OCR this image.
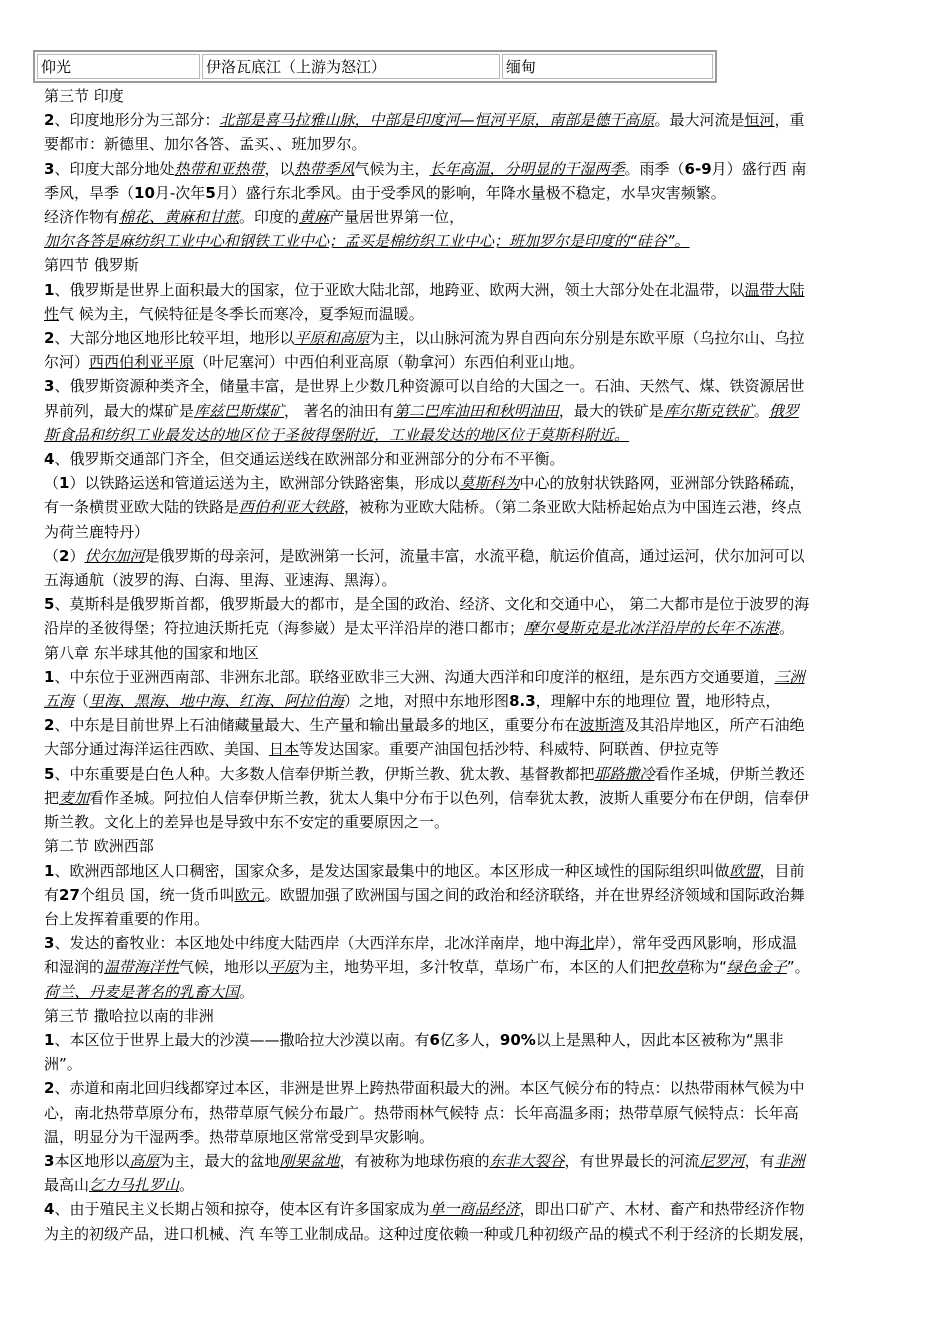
仰光	伊洛瓦底江（上游为怒江）	缅甸

第三节 印度

2、印度地形分为三部分：北部是喜马拉雅山脉，中部是印度河—恒河平原，南部是德干高原。最大河流是恒河，重

要都市：新德里、加尔各答、孟买、、班加罗尔。

3、印度大部分地处热带和亚热带，以热带季风气候为主，长年高温，分明显的干湿两季。雨季（6-9月）盛行西 南

季风，旱季（10月-次年5月）盛行东北季风。由于受季风的影响，年降水量极不稳定，水旱灾害频繁。

经济作物有棉花、黄麻和甘蔗。印度的黄麻产量居世界第一位，

加尔各答是麻纺织工业中心和钢铁工业中心；孟买是棉纺织工业中心；班加罗尔是印度的“硅谷”。

第四节 俄罗斯

1、俄罗斯是世界上面积最大的国家，位于亚欧大陆北部，地跨亚、欧两大洲，领土大部分处在北温带，以温带大陆

性气 候为主，气候特征是冬季长而寒冷，夏季短而温暖。

2、大部分地区地形比较平坦，地形以平原和高原为主，以山脉河流为界自西向东分别是东欧平原（乌拉尔山、乌拉

尔河）西西伯利亚平原（叶尼塞河）中西伯利亚高原（勒拿河）东西伯利亚山地。

3、俄罗斯资源种类齐全，储量丰富，是世界上少数几种资源可以自给的大国之一。石油、天然气、煤、铁资源居世

界前列，最大的煤矿是库兹巴斯煤矿， 著名的油田有第二巴库油田和秋明油田，最大的铁矿是库尔斯克铁矿。俄罗

斯食品和纺织工业最发达的地区位于圣彼得堡附近，工业最发达的地区位于莫斯科附近。

4、俄罗斯交通部门齐全，但交通运送线在欧洲部分和亚洲部分的分布不平衡。

（1）以铁路运送和管道运送为主，欧洲部分铁路密集，形成以莫斯科为中心的放射状铁路网，亚洲部分铁路稀疏，

有一条横贯亚欧大陆的铁路是西伯利亚大铁路，被称为亚欧大陆桥。（第二条亚欧大陆桥起始点为中国连云港，终点

为荷兰鹿特丹）

（2）伏尔加河是俄罗斯的母亲河，是欧洲第一长河，流量丰富，水流平稳，航运价值高，通过运河，伏尔加河可以

五海通航（波罗的海、白海、里海、亚速海、黑海）。

5、莫斯科是俄罗斯首都，俄罗斯最大的都市，是全国的政治、经济、文化和交通中心， 第二大都市是位于波罗的海

沿岸的圣彼得堡；符拉迪沃斯托克（海参崴）是太平洋沿岸的港口都市；摩尔曼斯克是北冰洋沿岸的长年不冻港。

第八章 东半球其他的国家和地区

1、中东位于亚洲西南部、非洲东北部。联络亚欧非三大洲、沟通大西洋和印度洋的枢纽，是东西方交通要道，三洲

五海（里海、黑海、地中海、红海、阿拉伯海）之地，对照中东地形图8.3，理解中东的地理位 置，地形特点，

2、中东是目前世界上石油储藏量最大、生产量和输出量最多的地区，重要分布在波斯湾及其沿岸地区，所产石油绝

大部分通过海洋运往西欧、美国、日本等发达国家。重要产油国包括沙特、科威特、阿联酋、伊拉克等

5、中东重要是白色人种。大多数人信奉伊斯兰教，伊斯兰教、犹太教、基督教都把耶路撒冷看作圣城，伊斯兰教还

把麦加看作圣城。阿拉伯人信奉伊斯兰教，犹太人集中分布于以色列，信奉犹太教，波斯人重要分布在伊朗，信奉伊

斯兰教。文化上的差异也是导致中东不安定的重要原因之一。

第二节 欧洲西部

1、欧洲西部地区人口稠密，国家众多，是发达国家最集中的地区。本区形成一种区域性的国际组织叫做欧盟，目前

有27个组员 国，统一货币叫欧元。欧盟加强了欧洲国与国之间的政治和经济联络，并在世界经济领域和国际政治舞

台上发挥着重要的作用。

3、发达的畜牧业：本区地处中纬度大陆西岸（大西洋东岸，北冰洋南岸，地中海北岸），常年受西风影响，形成温

和湿润的温带海洋性气候，地形以平原为主，地势平坦，多汁牧草，草场广布，本区的人们把牧草称为“绿色金子”。

荷兰、丹麦是著名的乳畜大国。

第三节 撒哈拉以南的非洲

1、本区位于世界上最大的沙漠——撒哈拉大沙漠以南。有6亿多人，90%以上是黑种人，因此本区被称为“黑非

洲”。

2、赤道和南北回归线都穿过本区，非洲是世界上跨热带面积最大的洲。本区气候分布的特点：以热带雨林气候为中

心，南北热带草原分布，热带草原气候分布最广。热带雨林气候特 点：长年高温多雨；热带草原气候特点：长年高

温，明显分为干湿两季。热带草原地区常常受到旱灾影响。

3本区地形以高原为主，最大的盆地刚果盆地，有被称为地球伤痕的东非大裂谷，有世界最长的河流尼罗河，有非洲

最高山乞力马扎罗山。

4、由于殖民主义长期占领和掠夺，使本区有许多国家成为单一商品经济，即出口矿产、木材、畜产和热带经济作物

为主的初级产品，进口机械、汽 车等工业制成品。这种过度依赖一种或几种初级产品的模式不利于经济的长期发展，
